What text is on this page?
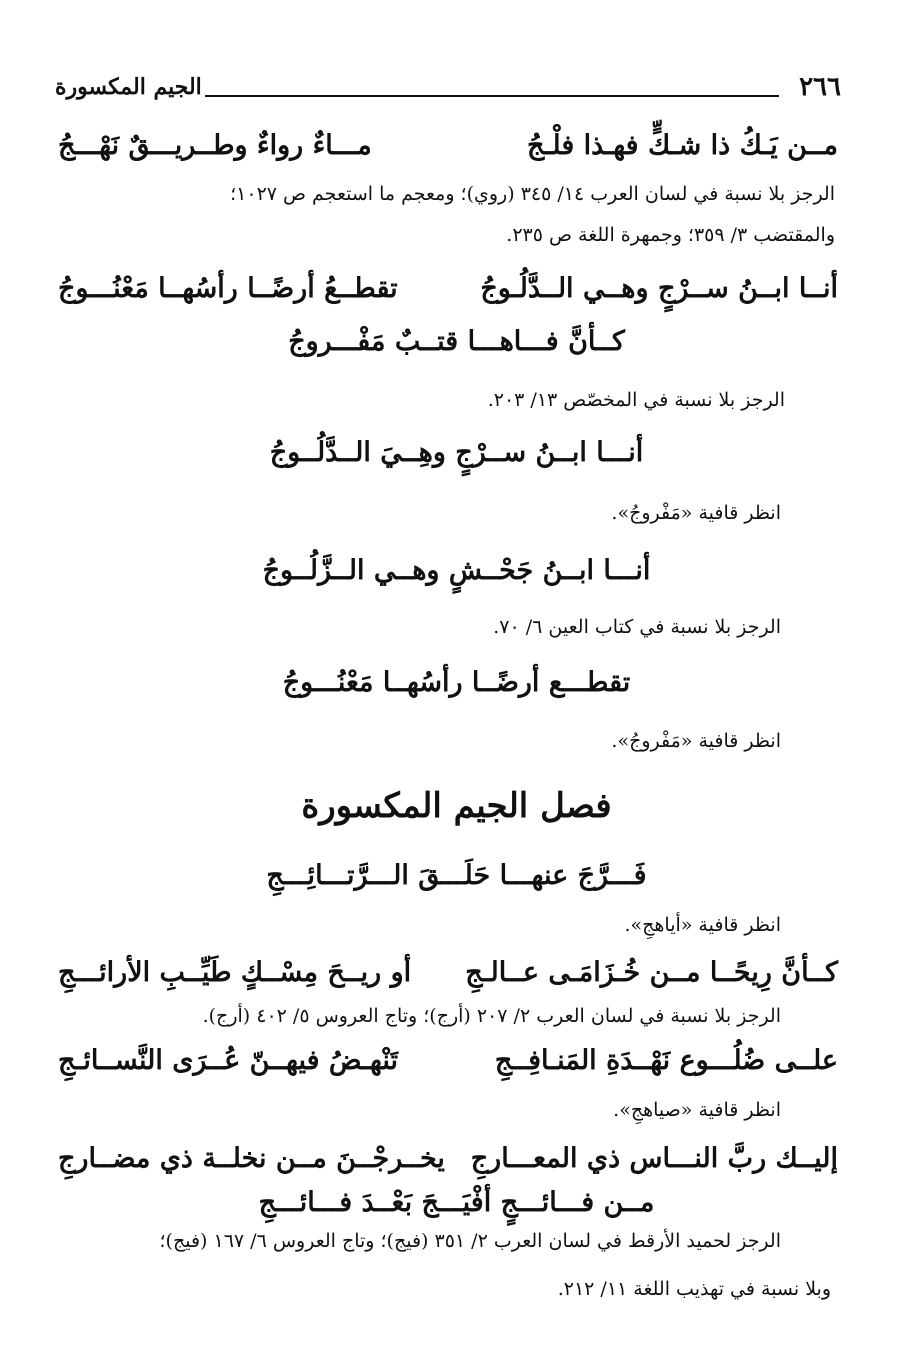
٢٦٦
الجيم المكسورة
مــن يَـكُ ذا شـكٍّ فهـذا فلْـجُ
مـــاءٌ رواءٌ وطــريـــقٌ نَهْـــجُ
الرجز بلا نسبة في لسان العرب ١٤/ ٣٤٥ (روي)؛ ومعجم ما استعجم ص ١٠٢٧؛
والمقتضب ٣/ ٣٥٩؛ وجمهرة اللغة ص ٢٣٥.
أنــا ابــنُ ســرْجٍ وهــي الــدَّلُـوجُ
تقطــعُ أرضًــا رأسُهــا مَعْنُـــوجُ
كــأنَّ فـــاهـــا قتــبٌ مَفْـــروجُ
الرجز بلا نسبة في المخصّص ١٣/ ٢٠٣.
أنـــا ابــنُ ســرْجٍ وهِــيَ الــدَّلُــوجُ
انظر قافية «مَفْروجُ».
أنـــا ابــنُ جَحْــشٍ وهــي الــزَّلُــوجُ
الرجز بلا نسبة في كتاب العين ٦/ ٧٠.
تقطـــع أرضًــا رأسُهــا مَعْنُـــوجُ
انظر قافية «مَفْروجُ».
فصل الجيم المكسورة
فَـــرَّجَ عنهـــا حَلَـــقَ الـــرَّتـــائِـــجِ
انظر قافية «أياهجِ».
كــأنَّ رِيحًــا مــن خُـزَامَـى عــالـجِ
أو ريــحَ مِسْــكٍ طَيِّــبِ الأرائـــجِ
الرجز بلا نسبة في لسان العرب ٢/ ٢٠٧ (أرج)؛ وتاج العروس ٥/ ٤٠٢ (أرج).
علــى ضُلُـــوع نَهْــدَةِ المَنـافِــجِ
تَنْهـضُ فيهــنّ عُــرَى النَّســائـجِ
انظر قافية «صياهجِ».
إليــك ربَّ النـــاس ذي المعـــارجِ
يخــرجْــنَ مــن نخلــة ذي مضــارجِ
مــن فـــائـــجٍ أفْيَـــجَ بَعْــدَ فـــائـــجِ
الرجز لحميد الأرقط في لسان العرب ٢/ ٣٥١ (فيج)؛ وتاج العروس ٦/ ١٦٧ (فيج)؛
وبلا نسبة في تهذيب اللغة ١١/ ٢١٢.
